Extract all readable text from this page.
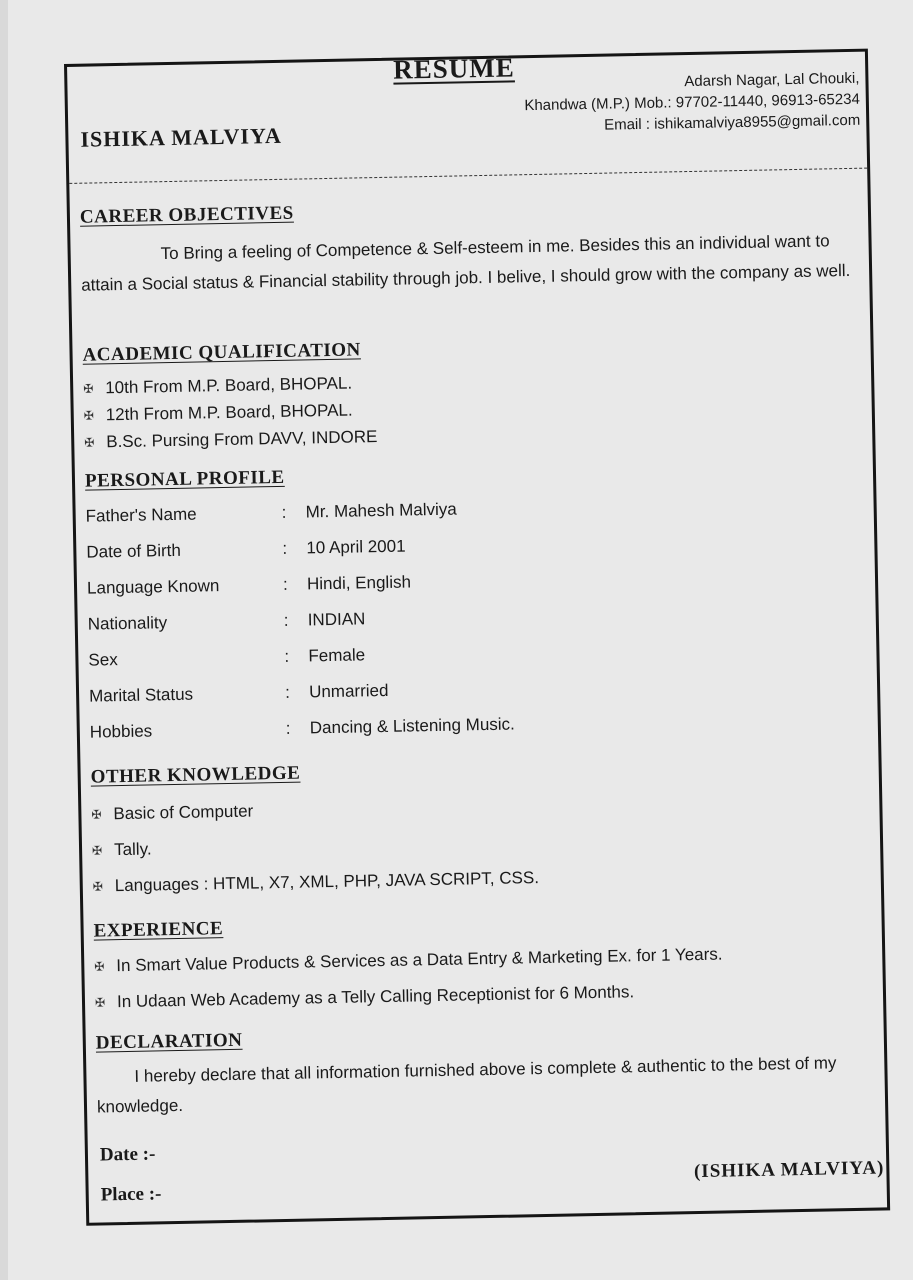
RESUME
ISHIKA MALVIYA
Adarsh Nagar, Lal Chouki,
Khandwa (M.P.) Mob.: 97702-11440, 96913-65234
Email : ishikamalviya8955@gmail.com
CAREER OBJECTIVES
To Bring a feeling of Competence & Self-esteem in me. Besides this an individual want to attain a Social status & Financial stability through job. I belive, I should grow with the company as well.
ACADEMIC QUALIFICATION
✠ 10th From M.P. Board, BHOPAL.
✠ 12th From M.P. Board, BHOPAL.
✠ B.Sc. Pursing From DAVV, INDORE
PERSONAL PROFILE
Father's Name	:	Mr. Mahesh Malviya
Date of Birth	:	10 April 2001
Language Known	:	Hindi, English
Nationality	:	INDIAN
Sex	:	Female
Marital Status	:	Unmarried
Hobbies	:	Dancing & Listening Music.
OTHER KNOWLEDGE
✠ Basic of Computer
✠ Tally.
✠ Languages : HTML, X7, XML, PHP, JAVA SCRIPT, CSS.
EXPERIENCE
✠ In Smart Value Products & Services as a Data Entry & Marketing Ex. for 1 Years.
✠ In Udaan Web Academy as a Telly Calling Receptionist for 6 Months.
DECLARATION
I hereby declare that all information furnished above is complete & authentic to the best of my knowledge.
Date :-
Place :-
(ISHIKA MALVIYA)
